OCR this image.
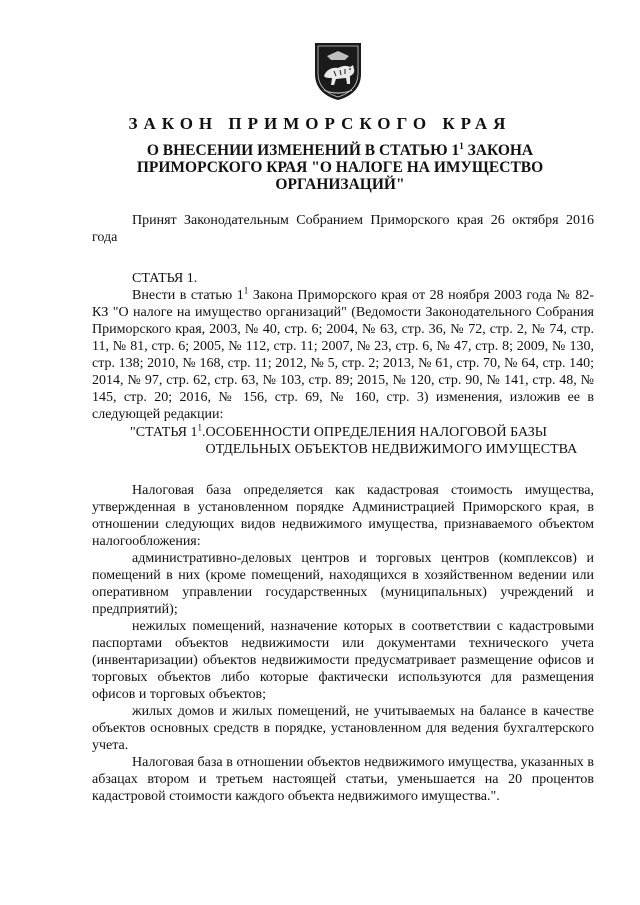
ЗАКОН ПРИМОРСКОГО КРАЯ
О ВНЕСЕНИИ ИЗМЕНЕНИЙ В СТАТЬЮ $1^1$ ЗАКОНА
ПРИМОРСКОГО КРАЯ "О НАЛОГЕ НА ИМУЩЕСТВО
ОРГАНИЗАЦИЙ"

Принят Законодательным Собранием Приморского края 26 октября 2016 года

СТАТЬЯ 1.

Внести в статью $1^1$ Закона Приморского края от 28 ноября 2003 года № 82-КЗ "О налоге на имущество организаций" (Ведомости Законодательного Собрания Приморского края, 2003, № 40, стр. 6; 2004, № 63, стр. 36, № 72, стр. 2, № 74, стр. 11, № 81, стр. 6; 2005, № 112, стр. 11; 2007, № 23, стр. 6, № 47, стр. 8; 2009, № 130, стр. 138; 2010, № 168, стр. 11; 2012, № 5, стр. 2; 2013, № 61, стр. 70, № 64, стр. 140; 2014, № 97, стр. 62, стр. 63, № 103, стр. 89; 2015, № 120, стр. 90, № 141, стр. 48, № 145, стр. 20; 2016, № 156, стр. 69, № 160, стр. 3) изменения, изложив ее в следующей редакции:

"СТАТЬЯ $1^1$. ОСОБЕННОСТИ ОПРЕДЕЛЕНИЯ НАЛОГОВОЙ БАЗЫ ОТДЕЛЬНЫХ ОБЪЕКТОВ НЕДВИЖИМОГО ИМУЩЕСТВА

Налоговая база определяется как кадастровая стоимость имущества, утвержденная в установленном порядке Администрацией Приморского края, в отношении следующих видов недвижимого имущества, признаваемого объектом налогообложения:

административно-деловых центров и торговых центров (комплексов) и помещений в них (кроме помещений, находящихся в хозяйственном ведении или оперативном управлении государственных (муниципальных) учреждений и предприятий);

нежилых помещений, назначение которых в соответствии с кадастровыми паспортами объектов недвижимости или документами технического учета (инвентаризации) объектов недвижимости предусматривает размещение офисов и торговых объектов либо которые фактически используются для размещения офисов и торговых объектов;

жилых домов и жилых помещений, не учитываемых на балансе в качестве объектов основных средств в порядке, установленном для ведения бухгалтерского учета.

Налоговая база в отношении объектов недвижимого имущества, указанных в абзацах втором и третьем настоящей статьи, уменьшается на 20 процентов кадастровой стоимости каждого объекта недвижимого имущества.".
